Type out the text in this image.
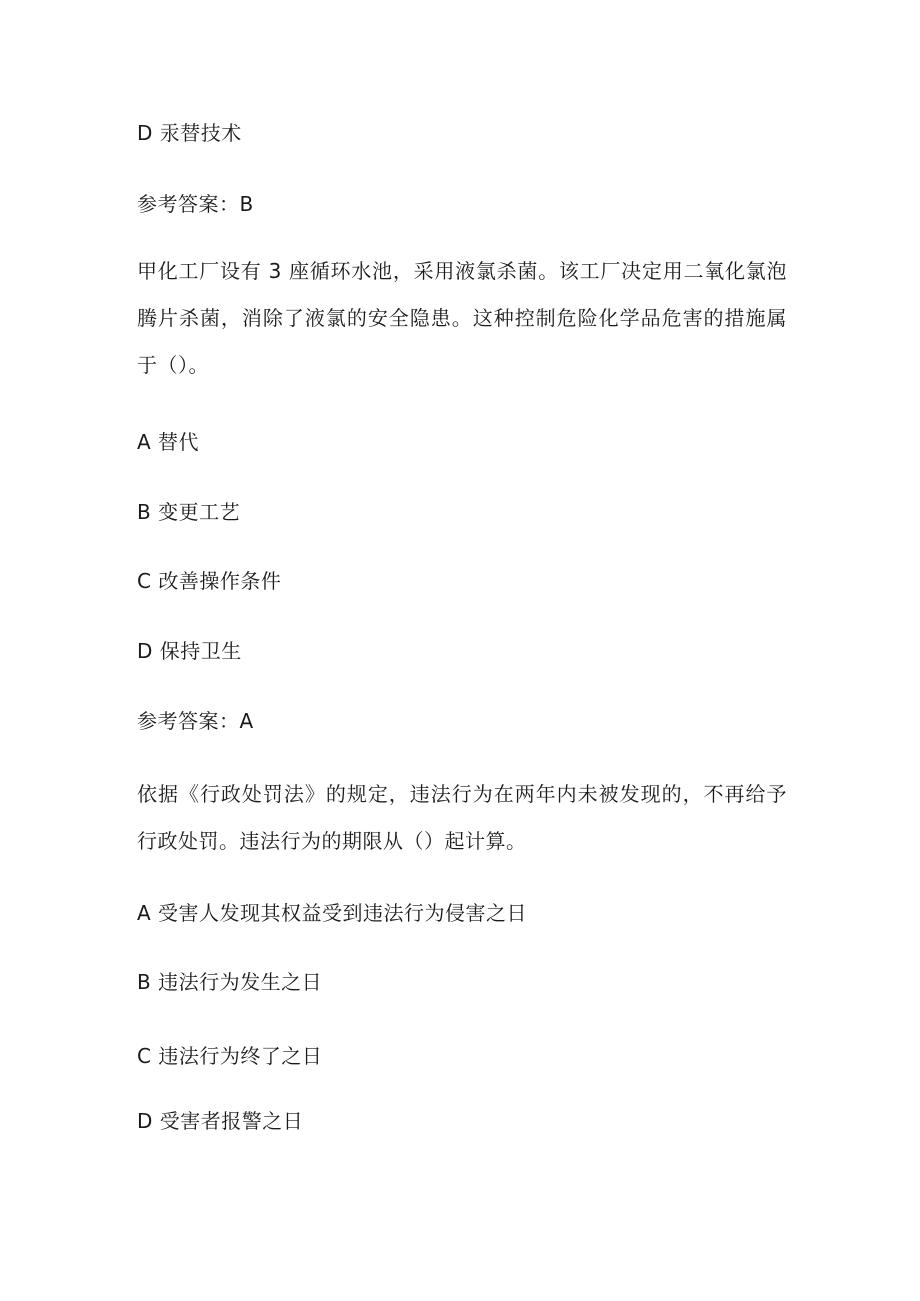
D 汞替技术
参考答案：B
甲化工厂设有 3 座循环水池，采用液氯杀菌。该工厂决定用二氧化氯泡腾片杀菌，消除了液氯的安全隐患。这种控制危险化学品危害的措施属于（）。
A 替代
B 变更工艺
C 改善操作条件
D 保持卫生
参考答案：A
依据《行政处罚法》的规定，违法行为在两年内未被发现的，不再给予行政处罚。违法行为的期限从（）起计算。
A 受害人发现其权益受到违法行为侵害之日
B 违法行为发生之日
C 违法行为终了之日
D 受害者报警之日
